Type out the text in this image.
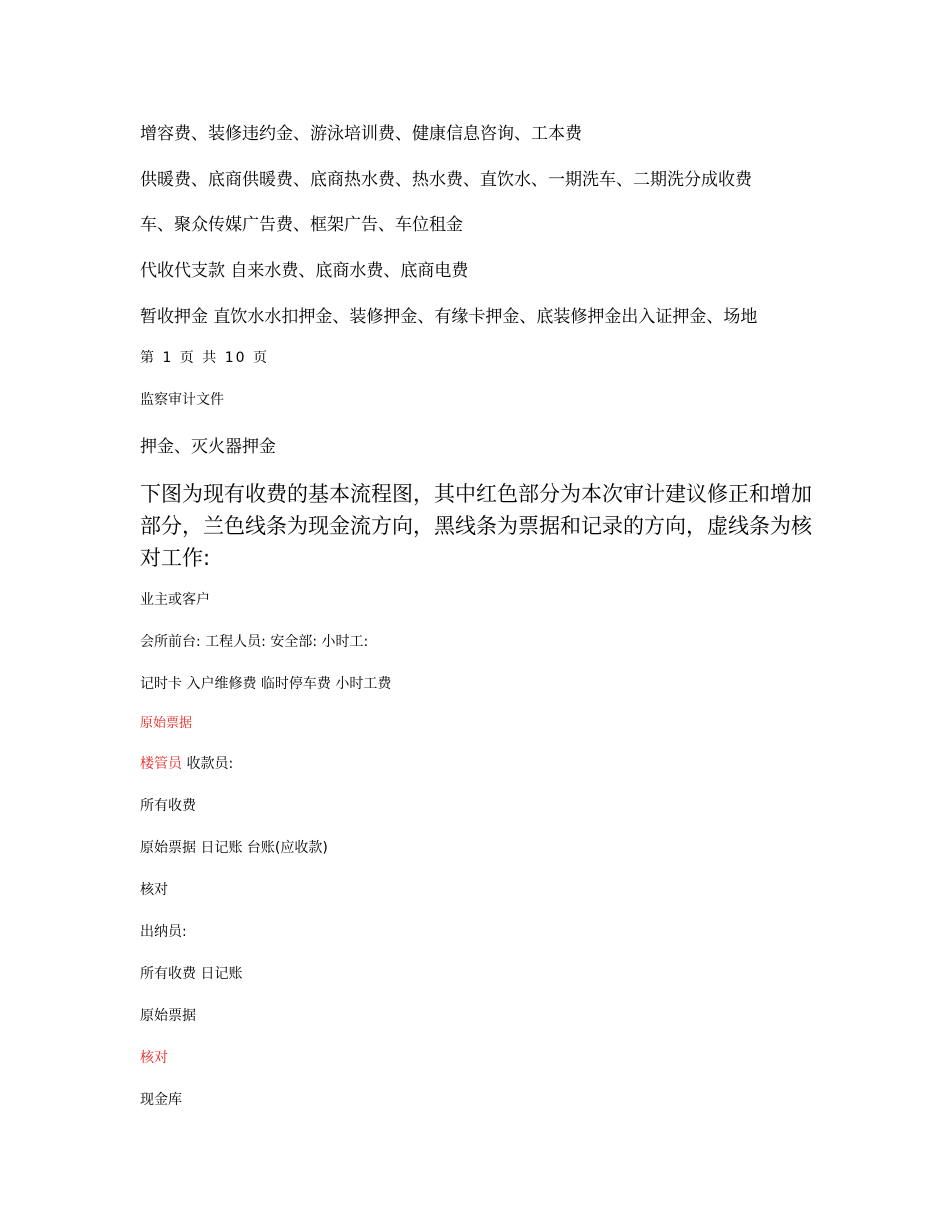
增容费、装修违约金、游泳培训费、健康信息咨询、工本费
供暖费、底商供暖费、底商热水费、热水费、直饮水、一期洗车、二期洗分成收费
车、聚众传媒广告费、框架广告、车位租金
代收代支款 自来水费、底商水费、底商电费
暂收押金 直饮水水扣押金、装修押金、有缘卡押金、底装修押金出入证押金、场地
第 1 页 共 10 页
监察审计文件
押金、灭火器押金
下图为现有收费的基本流程图，其中红色部分为本次审计建议修正和增加部分，兰色线条为现金流方向，黑线条为票据和记录的方向，虚线条为核对工作:
业主或客户
会所前台: 工程人员: 安全部: 小时工:
记时卡 入户维修费 临时停车费 小时工费
原始票据
楼管员 收款员:
所有收费
原始票据 日记账 台账(应收款)
核对
出纳员:
所有收费 日记账
原始票据
核对
现金库
